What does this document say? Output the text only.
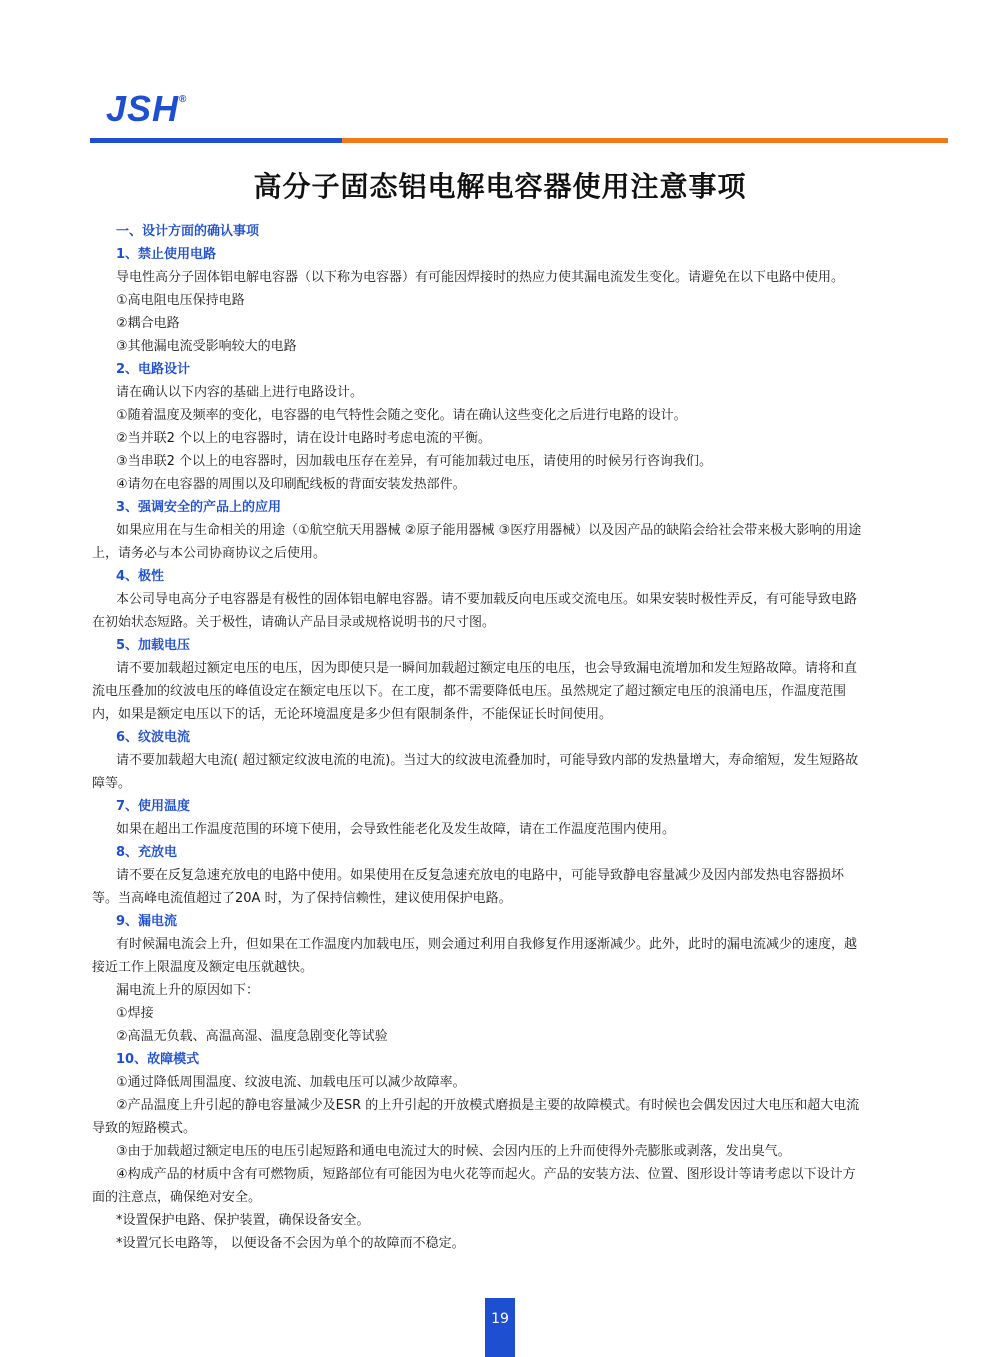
JSH®
高分子固态铝电解电容器使用注意事项
一、设计方面的确认事项
1、禁止使用电路
导电性高分子固体铝电解电容器（以下称为电容器）有可能因焊接时的热应力使其漏电流发生变化。请避免在以下电路中使用。
①高电阻电压保持电路
②耦合电路
③其他漏电流受影响较大的电路
2、电路设计
请在确认以下内容的基础上进行电路设计。
①随着温度及频率的变化，电容器的电气特性会随之变化。请在确认这些变化之后进行电路的设计。
②当并联2 个以上的电容器时，请在设计电路时考虑电流的平衡。
③当串联2 个以上的电容器时，因加载电压存在差异，有可能加载过电压，请使用的时候另行咨询我们。
④请勿在电容器的周围以及印刷配线板的背面安装发热部件。
3、强调安全的产品上的应用
如果应用在与生命相关的用途（①航空航天用器械 ②原子能用器械 ③医疗用器械）以及因产品的缺陷会给社会带来极大影响的用途上，请务必与本公司协商协议之后使用。
4、极性
本公司导电高分子电容器是有极性的固体铝电解电容器。请不要加载反向电压或交流电压。如果安装时极性弄反，有可能导致电路在初始状态短路。关于极性，请确认产品目录或规格说明书的尺寸图。
5、加载电压
请不要加载超过额定电压的电压，因为即使只是一瞬间加载超过额定电压的电压，也会导致漏电流增加和发生短路故障。请将和直流电压叠加的纹波电压的峰值设定在额定电压以下。在工度，都不需要降低电压。虽然规定了超过额定电压的浪涌电压，作温度范围内，如果是额定电压以下的话，无论环境温度是多少但有限制条件，不能保证长时间使用。
6、纹波电流
请不要加载超大电流( 超过额定纹波电流的电流)。当过大的纹波电流叠加时，可能导致内部的发热量增大，寿命缩短，发生短路故障等。
7、使用温度
如果在超出工作温度范围的环境下使用，会导致性能老化及发生故障，请在工作温度范围内使用。
8、充放电
请不要在反复急速充放电的电路中使用。如果使用在反复急速充放电的电路中，可能导致静电容量减少及因内部发热电容器损坏等。当高峰电流值超过了20A 时，为了保持信赖性，建议使用保护电路。
9、漏电流
有时候漏电流会上升，但如果在工作温度内加载电压，则会通过利用自我修复作用逐渐减少。此外，此时的漏电流减少的速度，越接近工作上限温度及额定电压就越快。
漏电流上升的原因如下：
①焊接
②高温无负载、高温高湿、温度急剧变化等试验
10、故障模式
①通过降低周围温度、纹波电流、加载电压可以减少故障率。
②产品温度上升引起的静电容量减少及ESR 的上升引起的开放模式磨损是主要的故障模式。有时候也会偶发因过大电压和超大电流导致的短路模式。
③由于加载超过额定电压的电压引起短路和通电电流过大的时候、会因内压的上升而使得外壳膨胀或剥落，发出臭气。
④构成产品的材质中含有可燃物质，短路部位有可能因为电火花等而起火。产品的安装方法、位置、图形设计等请考虑以下设计方面的注意点，确保绝对安全。
*设置保护电路、保护装置，确保设备安全。
*设置冗长电路等， 以便设备不会因为单个的故障而不稳定。
19
